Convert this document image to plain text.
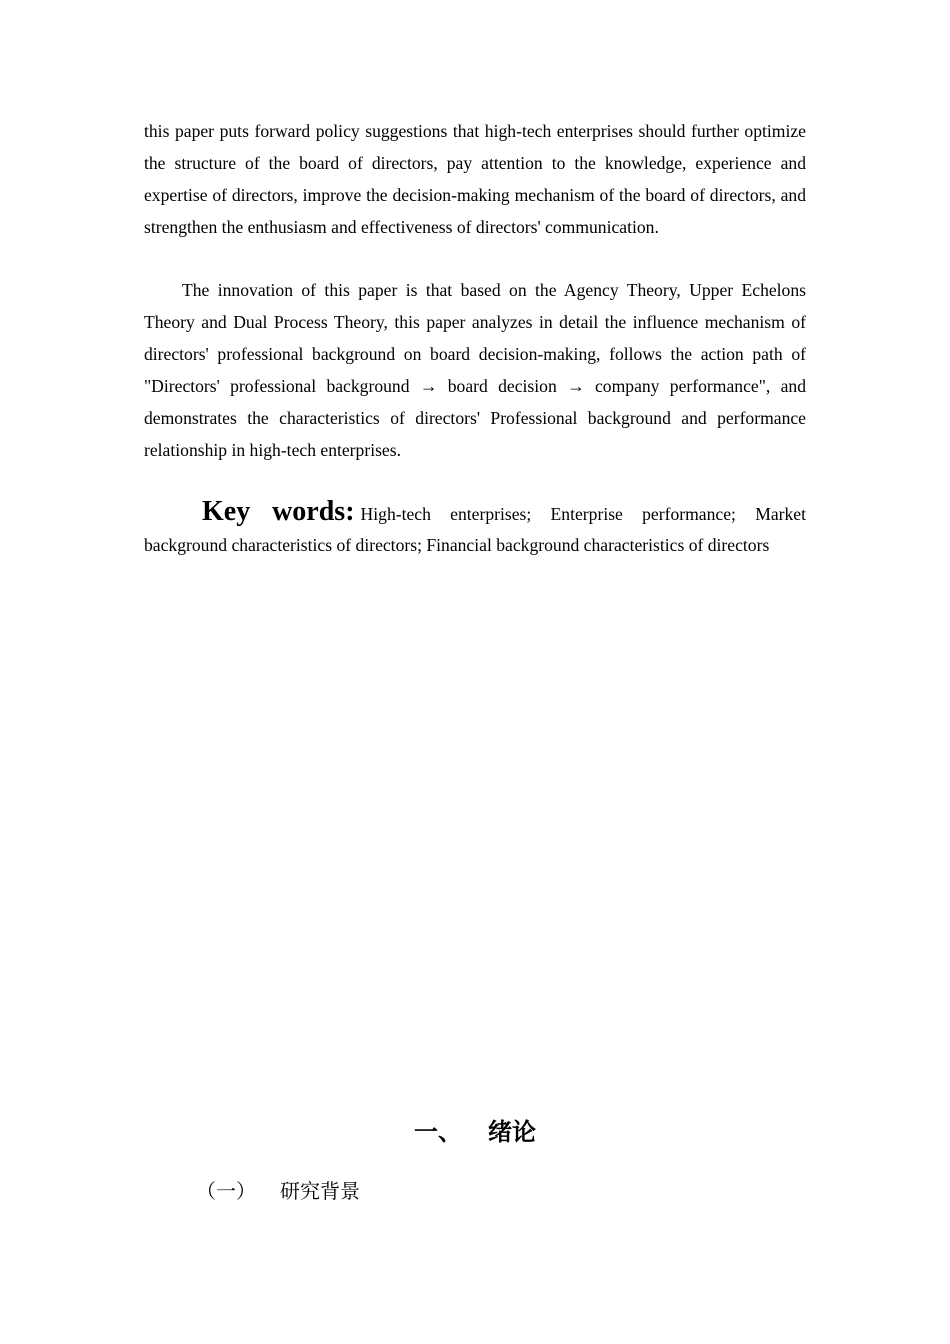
this paper puts forward policy suggestions that high-tech enterprises should further optimize the structure of the board of directors, pay attention to the knowledge, experience and expertise of directors, improve the decision-making mechanism of the board of directors, and strengthen the enthusiasm and effectiveness of directors' communication.

The innovation of this paper is that based on the Agency Theory, Upper Echelons Theory and Dual Process Theory, this paper analyzes in detail the influence mechanism of directors' professional background on board decision-making, follows the action path of "Directors' professional background → board decision → company performance", and demonstrates the characteristics of directors' Professional background and performance relationship in high-tech enterprises.

Key words: High-tech enterprises; Enterprise performance; Market background characteristics of directors; Financial background characteristics of directors

一、 绪论
（一） 研究背景
